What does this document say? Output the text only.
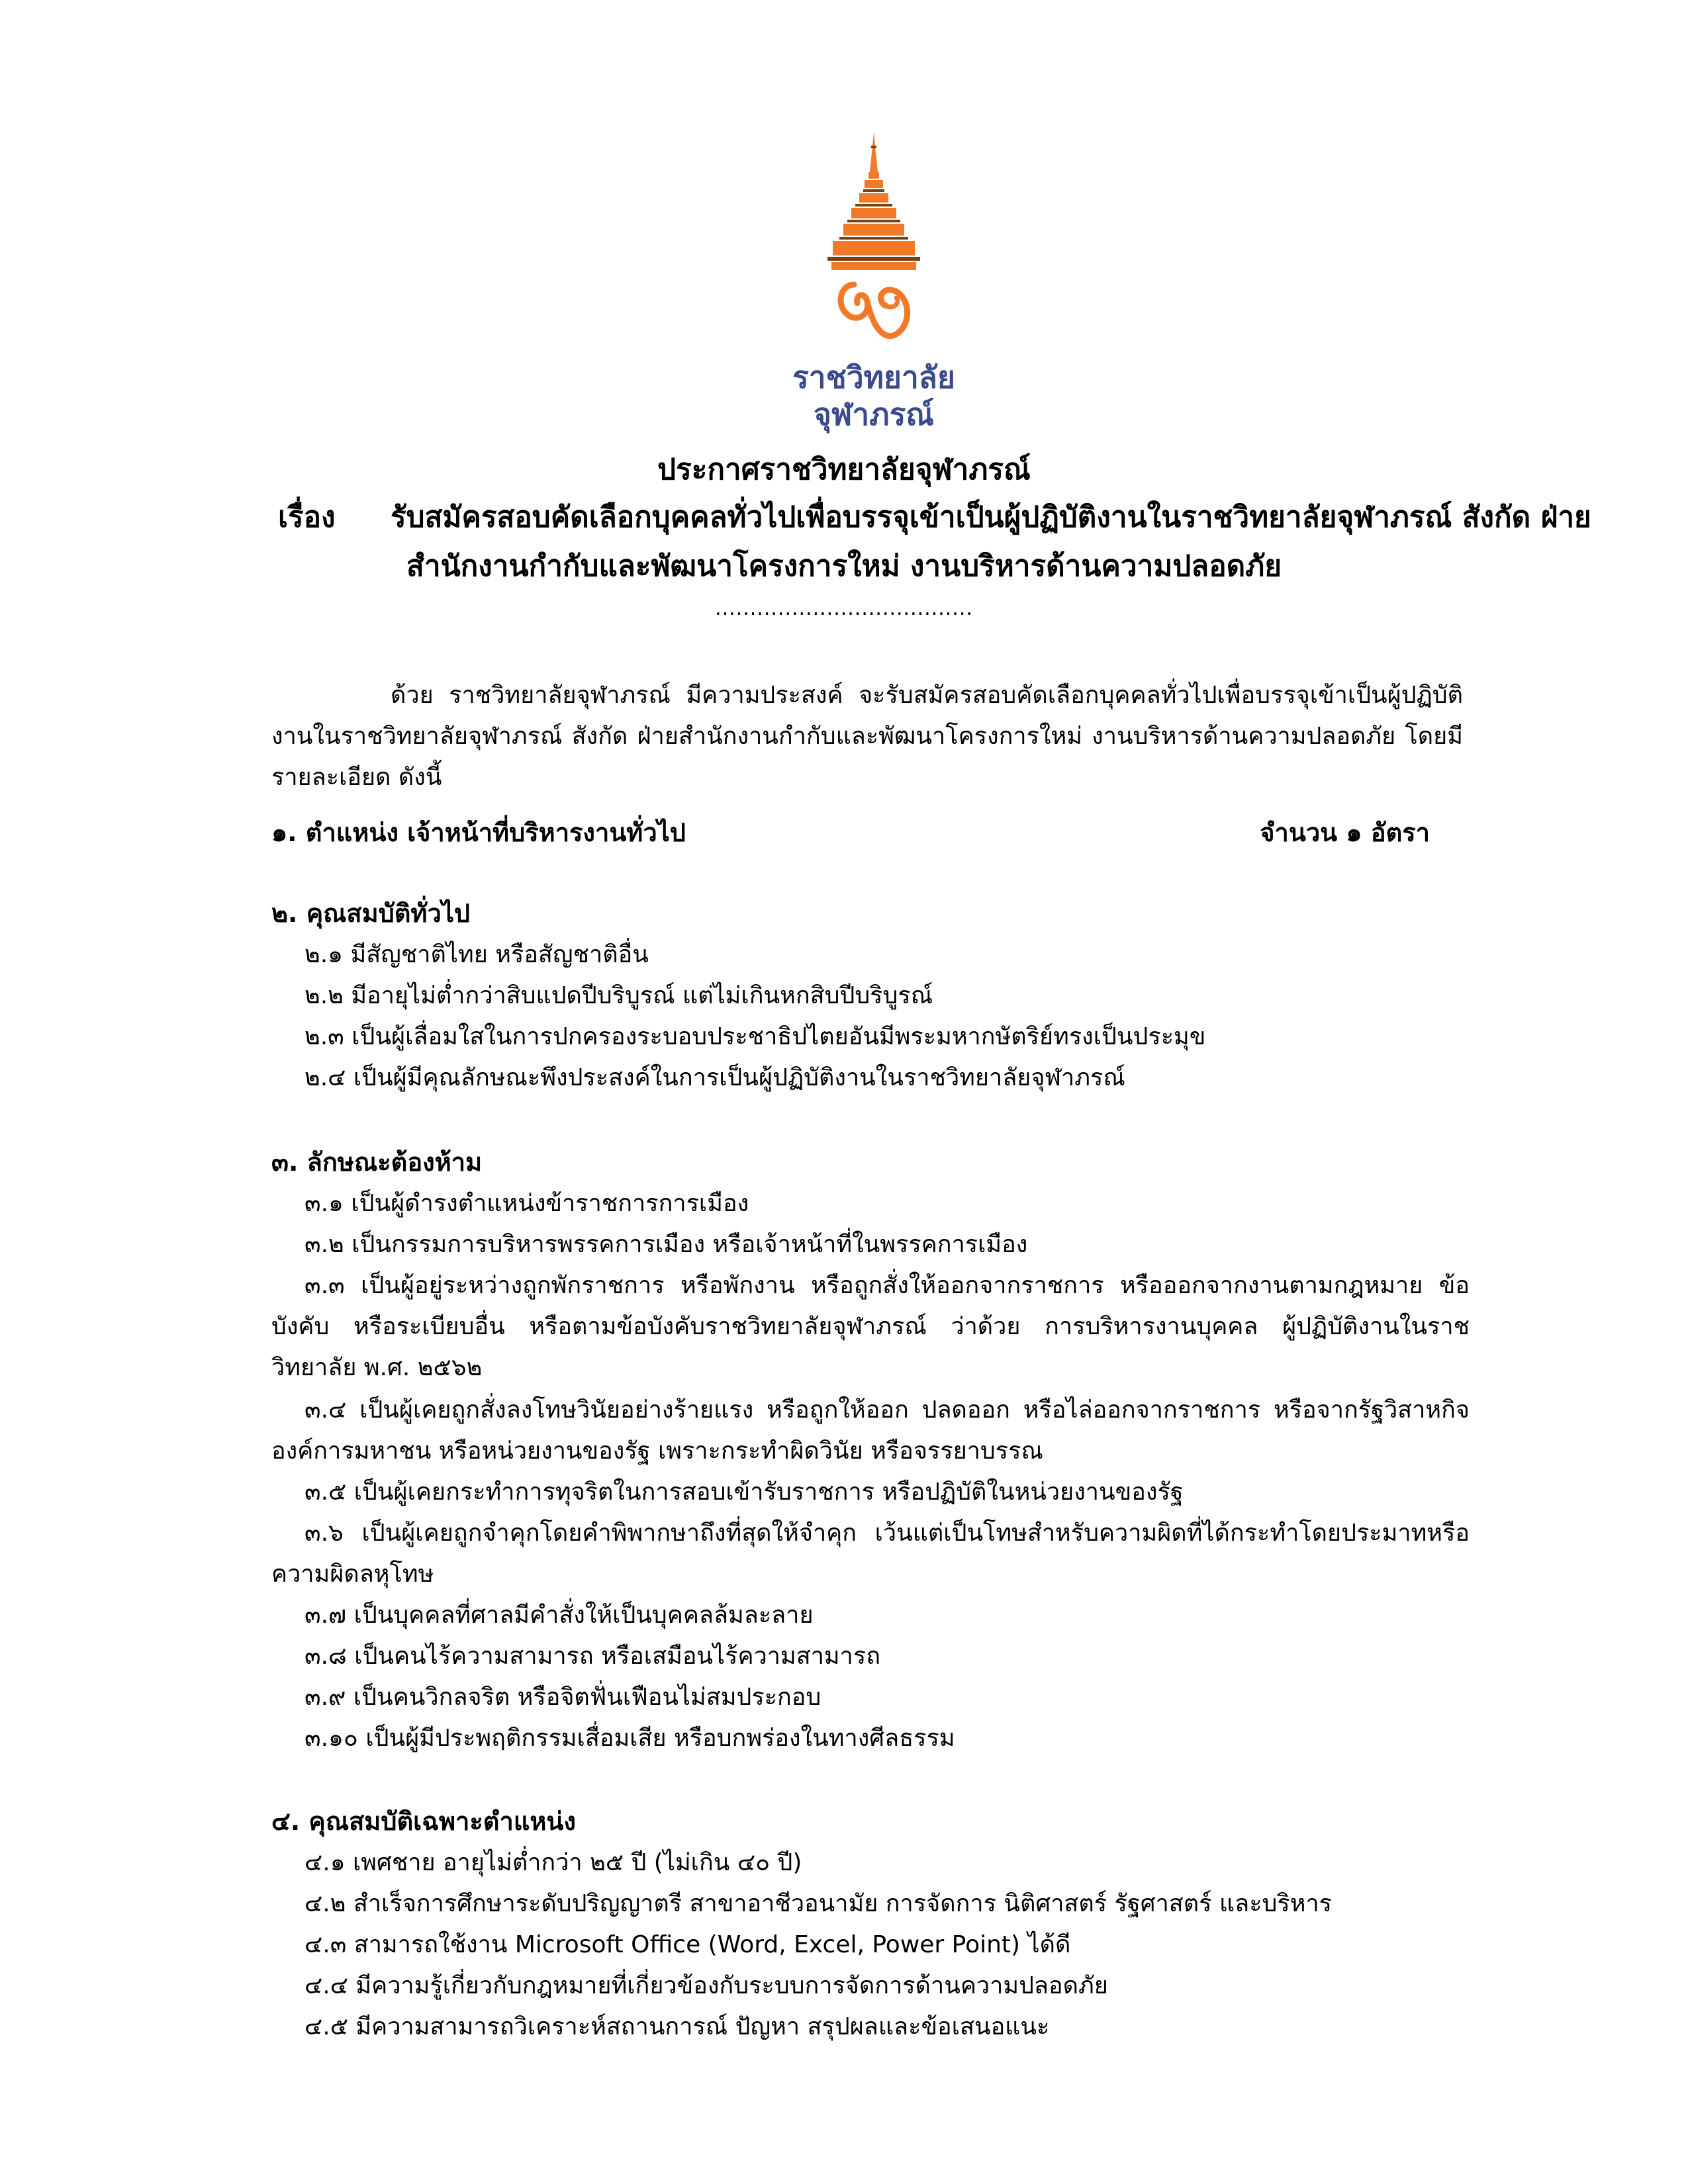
ราชวิทยาลัย
จุฬาภรณ์
ประกาศราชวิทยาลัยจุฬาภรณ์
เรื่อง รับสมัครสอบคัดเลือกบุคคลทั่วไปเพื่อบรรจุเข้าเป็นผู้ปฏิบัติงานในราชวิทยาลัยจุฬาภรณ์ สังกัด ฝ่าย
สำนักงานกำกับและพัฒนาโครงการใหม่ งานบริหารด้านความปลอดภัย
.....................................
ด้วย ราชวิทยาลัยจุฬาภรณ์ มีความประสงค์ จะรับสมัครสอบคัดเลือกบุคคลทั่วไปเพื่อบรรจุเข้าเป็นผู้ปฏิบัติงานในราชวิทยาลัยจุฬาภรณ์ สังกัด ฝ่ายสำนักงานกำกับและพัฒนาโครงการใหม่ งานบริหารด้านความปลอดภัย โดยมีรายละเอียด ดังนี้
๑. ตำแหน่ง เจ้าหน้าที่บริหารงานทั่วไป	จำนวน ๑ อัตรา
๒. คุณสมบัติทั่วไป
๒.๑ มีสัญชาติไทย หรือสัญชาติอื่น
๒.๒ มีอายุไม่ต่ำกว่าสิบแปดปีบริบูรณ์ แต่ไม่เกินหกสิบปีบริบูรณ์
๒.๓ เป็นผู้เลื่อมใสในการปกครองระบอบประชาธิปไตยอันมีพระมหากษัตริย์ทรงเป็นประมุข
๒.๔ เป็นผู้มีคุณลักษณะพึงประสงค์ในการเป็นผู้ปฏิบัติงานในราชวิทยาลัยจุฬาภรณ์
๓. ลักษณะต้องห้าม
๓.๑ เป็นผู้ดำรงตำแหน่งข้าราชการการเมือง
๓.๒ เป็นกรรมการบริหารพรรคการเมือง หรือเจ้าหน้าที่ในพรรคการเมือง
๓.๓ เป็นผู้อยู่ระหว่างถูกพักราชการ หรือพักงาน หรือถูกสั่งให้ออกจากราชการ หรือออกจากงานตามกฎหมาย ข้อบังคับ หรือระเบียบอื่น หรือตามข้อบังคับราชวิทยาลัยจุฬาภรณ์ ว่าด้วย การบริหารงานบุคคล ผู้ปฏิบัติงานในราชวิทยาลัย พ.ศ. ๒๕๖๒
๓.๔ เป็นผู้เคยถูกสั่งลงโทษวินัยอย่างร้ายแรง หรือถูกให้ออก ปลดออก หรือไล่ออกจากราชการ หรือจากรัฐวิสาหกิจ องค์การมหาชน หรือหน่วยงานของรัฐ เพราะกระทำผิดวินัย หรือจรรยาบรรณ
๓.๕ เป็นผู้เคยกระทำการทุจริตในการสอบเข้ารับราชการ หรือปฏิบัติในหน่วยงานของรัฐ
๓.๖ เป็นผู้เคยถูกจำคุกโดยคำพิพากษาถึงที่สุดให้จำคุก เว้นแต่เป็นโทษสำหรับความผิดที่ได้กระทำโดยประมาทหรือ ความผิดลหุโทษ
๓.๗ เป็นบุคคลที่ศาลมีคำสั่งให้เป็นบุคคลล้มละลาย
๓.๘ เป็นคนไร้ความสามารถ หรือเสมือนไร้ความสามารถ
๓.๙ เป็นคนวิกลจริต หรือจิตฟั่นเฟือนไม่สมประกอบ
๓.๑๐ เป็นผู้มีประพฤติกรรมเสื่อมเสีย หรือบกพร่องในทางศีลธรรม
๔. คุณสมบัติเฉพาะตำแหน่ง
๔.๑ เพศชาย อายุไม่ต่ำกว่า ๒๕ ปี (ไม่เกิน ๔๐ ปี)
๔.๒ สำเร็จการศึกษาระดับปริญญาตรี สาขาอาชีวอนามัย การจัดการ นิติศาสตร์ รัฐศาสตร์ และบริหาร
๔.๓ สามารถใช้งาน Microsoft Office (Word, Excel, Power Point) ได้ดี
๔.๔ มีความรู้เกี่ยวกับกฎหมายที่เกี่ยวข้องกับระบบการจัดการด้านความปลอดภัย
๔.๕ มีความสามารถวิเคราะห์สถานการณ์ ปัญหา สรุปผลและข้อเสนอแนะ
